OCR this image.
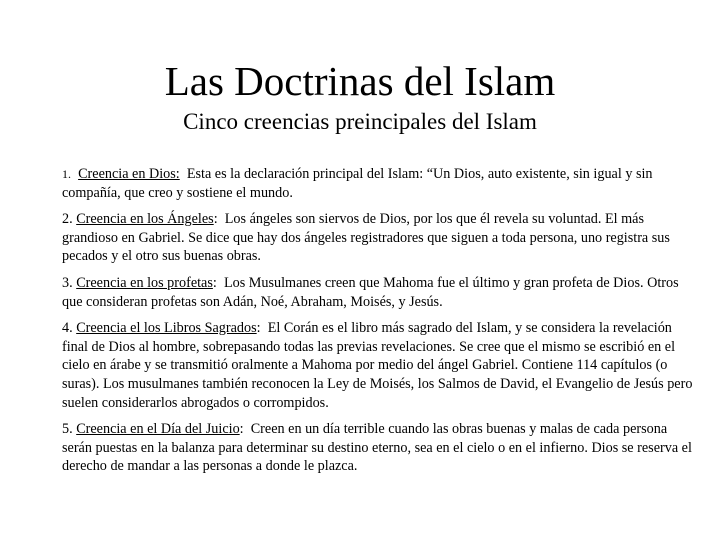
Las Doctrinas del Islam
Cinco creencias preincipales del Islam

1. Creencia en Dios: Esta es la declaración principal del Islam: “Un Dios, auto existente, sin igual y sin compañía, que creo y sostiene el mundo.

2. Creencia en los Ángeles: Los ángeles son siervos de Dios, por los que él revela su voluntad. El más grandioso en Gabriel. Se dice que hay dos ángeles registradores que siguen a toda persona, uno registra sus pecados y el otro sus buenas obras.

3. Creencia en los profetas: Los Musulmanes creen que Mahoma fue el último y gran profeta de Dios. Otros que consideran profetas son Adán, Noé, Abraham, Moisés, y Jesús.

4. Creencia el los Libros Sagrados: El Corán es el libro más sagrado del Islam, y se considera la revelación final de Dios al hombre, sobrepasando todas las previas revelaciones. Se cree que el mismo se escribió en el cielo en árabe y se transmitió oralmente a Mahoma por medio del ángel Gabriel. Contiene 114 capítulos (o suras). Los musulmanes también reconocen la Ley de Moisés, los Salmos de David, el Evangelio de Jesús pero suelen considerarlos abrogados o corrompidos.

5. Creencia en el Día del Juicio: Creen en un día terrible cuando las obras buenas y malas de cada persona serán puestas en la balanza para determinar su destino eterno, sea en el cielo o en el infierno. Dios se reserva el derecho de mandar a las personas a donde le plazca.
